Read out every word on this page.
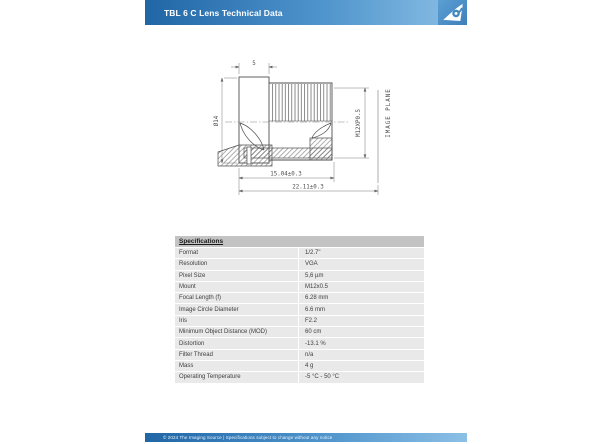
TBL 6 C Lens Technical Data
5
Ø14	M12XP0.5	IMAGE PLANE
15.04±0.3
22.11±0.3
Specifications
Format	1/2.7"
Resolution	VGA
Pixel Size	5,6 µm
Mount	M12x0.5
Focal Length (f)	6.28 mm
Image Circle Diameter	6.6 mm
Iris	F2.2
Minimum Object Distance (MOD)	60 cm
Distortion	-13.1 %
Filter Thread	n/a
Mass	4 g
Operating Temperature	-5 °C - 50 °C
© 2024 The Imaging Source | Specifications subject to change without any notice
